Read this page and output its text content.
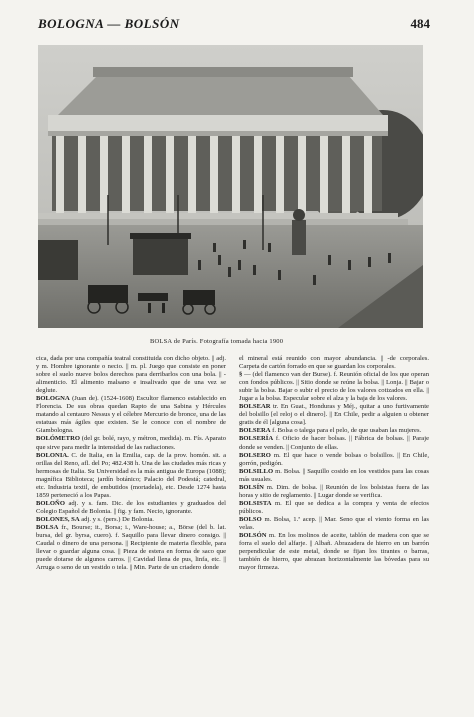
BOLOGNA — BOLSÓN	484
BOLSA de París. Fotografía tomada hacia 1900

cica, dada por una compañía teatral constituida con dicho objeto. || adj. y m. Hombre ignorante o necio. || m. pl. Juego que consiste en poner sobre el suelo nueve bolos derechos para derribarlos con una bola. || -alimenticio. El alimento malsano e insalivado que de una vez se deglute.

BOLOGNA (Juan de). (1524-1608) Escultor flamenco establecido en Florencia. De sus obras quedan Rapto de una Sabina y Hércules matando al centauro Nessus y el célebre Mercurio de bronce, una de las estatuas más ágiles que existen. Se le conoce con el nombre de Giambologna.

BOLÓMETRO (del gr. bolé, rayo, y métron, medida). m. Fís. Aparato que sirve para medir la intensidad de las radiaciones.

BOLONIA. C. de Italia, en la Emilia, cap. de la prov. homón. sit. a orillas del Reno, afl. del Po; 482.438 h. Una de las ciudades más ricas y hermosas de Italia. Su Universidad es la más antigua de Europa (1088); magnífica Biblioteca; jardín botánico; Palacio del Podestá; catedral, etc. Industria textil, de embutidos (mortadela), etc. Desde 1274 hasta 1859 perteneció a los Papas.

BOLOÑO adj. y s. fam. Dic. de los estudiantes y graduados del Colegio Español de Bolonia. || fig. y fam. Necio, ignorante.

BOLONES, SA adj. y s. (pers.) De Bolonia.

BOLSA fr., Bourse; it., Borsa; i., Ware-house; a., Börse (del b. lat. bursa, del gr. byrsa, cuero). f. Saquillo para llevar dinero consigo. || Caudal o dinero de una persona. || Recipiente de materia flexible, para llevar o guardar alguna cosa. || Pieza de estera en forma de saco que puede dotarse de algunos carros. || Cavidad llena de pus, linfa, etc. || Arruga o seno de un vestido o tela. || Min. Parte de un criadero donde

el mineral está reunido con mayor abundancia. || -de corporales. Carpeta de cartón forrado en que se guardan los corporales.

§ — (del flamenco van der Burse). f. Reunión oficial de los que operan con fondos públicos. || Sitio donde se reúne la bolsa. || Lonja. || Bajar o subir la bolsa. Bajar o subir el precio de los valores cotizados en ella. || Jugar a la bolsa. Especular sobre el alza y la baja de los valores.

BOLSEAR tr. En Guat., Honduras y Méj., quitar a uno furtivamente del bolsillo [el reloj o el dinero]. || En Chile, pedir a alguien u obtener gratis de él [alguna cosa].

BOLSERA f. Bolsa o talega para el pelo, de que usaban las mujeres.

BOLSERÍA f. Oficio de hacer bolsas. || Fábrica de bolsas. || Paraje donde se venden. || Conjunto de ellas.

BOLSERO m. El que hace o vende bolsas o bolsillos. || En Chile, gorrón, pedigón.

BOLSILLO m. Bolsa. || Saquillo cosido en los vestidos para las cosas más usuales.

BOLSÍN m. Dim. de bolsa. || Reunión de los bolsistas fuera de las horas y sitio de reglamento. || Lugar donde se verifica.

BOLSISTA m. El que se dedica a la compra y venta de efectos públicos.

BOLSO m. Bolsa, 1.ª acep. || Mar. Seno que el viento forma en las velas.

BOLSÓN m. En los molinos de aceite, tablón de madera con que se forra el suelo del alfarje. || Albañ. Abrazadera de hierro en un barrón perpendicular de este metal, donde se fijan los tirantes o barras, también de hierro, que abrazan horizontalmente las bóvedas para su mayor firmeza.
